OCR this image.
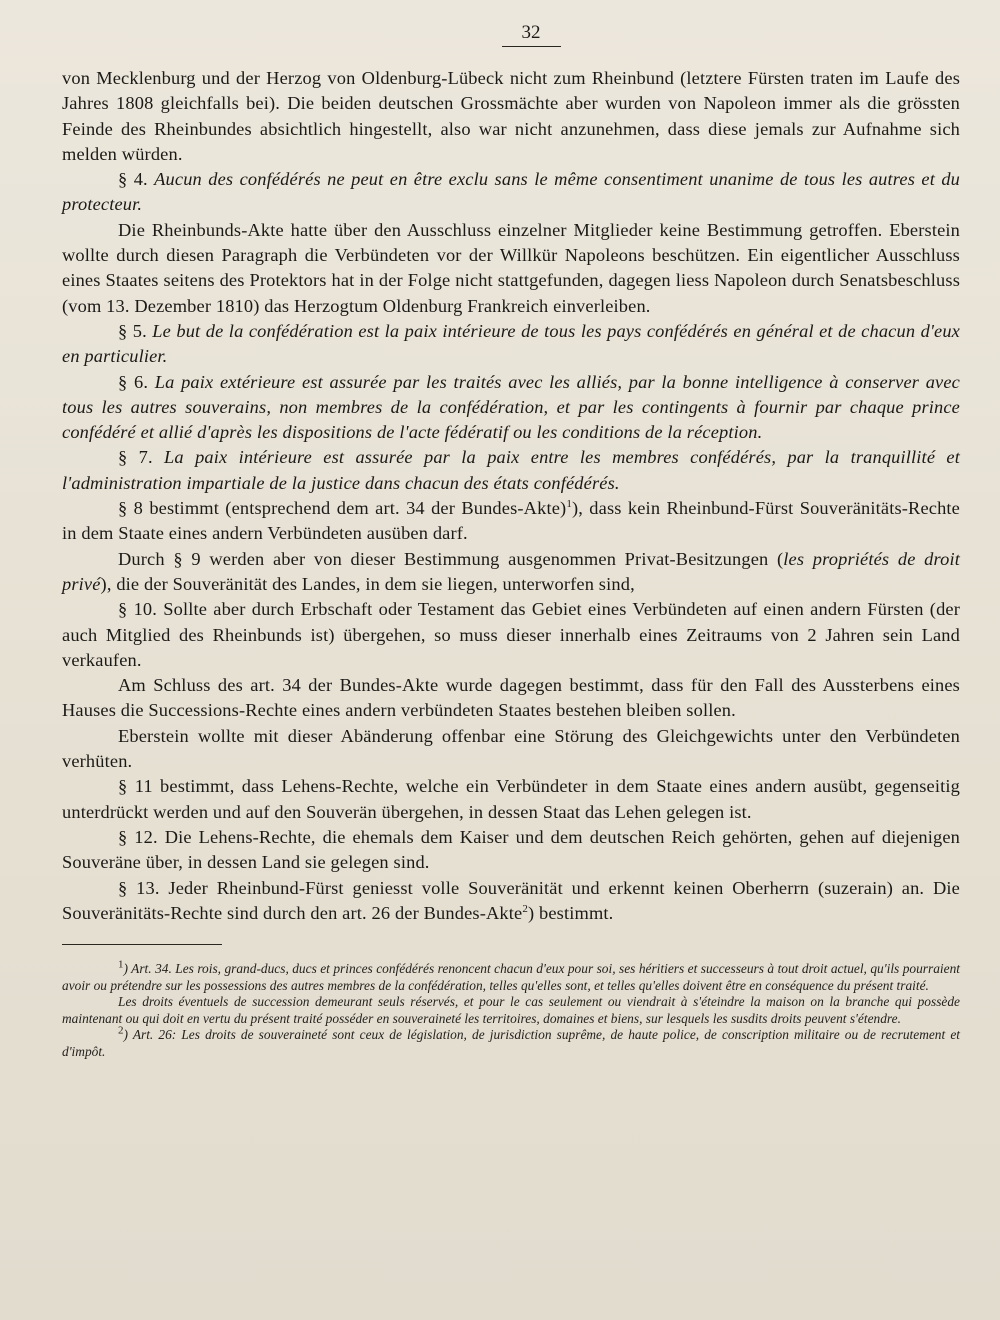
32

von Mecklenburg und der Herzog von Oldenburg-Lübeck nicht zum Rheinbund (letztere Fürsten traten im Laufe des Jahres 1808 gleichfalls bei). Die beiden deutschen Grossmächte aber wurden von Napoleon immer als die grössten Feinde des Rheinbundes absichtlich hingestellt, also war nicht anzunehmen, dass diese jemals zur Aufnahme sich melden würden.

§ 4. Aucun des confédérés ne peut en être exclu sans le même consentiment unanime de tous les autres et du protecteur.

Die Rheinbunds-Akte hatte über den Ausschluss einzelner Mitglieder keine Bestimmung getroffen. Eberstein wollte durch diesen Paragraph die Verbündeten vor der Willkür Napoleons beschützen. Ein eigentlicher Ausschluss eines Staates seitens des Protektors hat in der Folge nicht stattgefunden, dagegen liess Napoleon durch Senatsbeschluss (vom 13. Dezember 1810) das Herzogtum Oldenburg Frankreich einverleiben.

§ 5. Le but de la confédération est la paix intérieure de tous les pays confédérés en général et de chacun d'eux en particulier.

§ 6. La paix extérieure est assurée par les traités avec les alliés, par la bonne intelligence à conserver avec tous les autres souverains, non membres de la confédération, et par les contingents à fournir par chaque prince confédéré et allié d'après les dispositions de l'acte fédératif ou les conditions de la réception.

§ 7. La paix intérieure est assurée par la paix entre les membres confédérés, par la tranquillité et l'administration impartiale de la justice dans chacun des états confédérés.

§ 8 bestimmt (entsprechend dem art. 34 der Bundes-Akte)$^1$), dass kein Rheinbund-Fürst Souveränitäts-Rechte in dem Staate eines andern Verbündeten ausüben darf.

Durch § 9 werden aber von dieser Bestimmung ausgenommen Privat-Besitzungen (les propriétés de droit privé), die der Souveränität des Landes, in dem sie liegen, unterworfen sind,

§ 10. Sollte aber durch Erbschaft oder Testament das Gebiet eines Verbündeten auf einen andern Fürsten (der auch Mitglied des Rheinbunds ist) übergehen, so muss dieser innerhalb eines Zeitraums von 2 Jahren sein Land verkaufen.

Am Schluss des art. 34 der Bundes-Akte wurde dagegen bestimmt, dass für den Fall des Aussterbens eines Hauses die Successions-Rechte eines andern verbündeten Staates bestehen bleiben sollen.

Eberstein wollte mit dieser Abänderung offenbar eine Störung des Gleichgewichts unter den Verbündeten verhüten.

§ 11 bestimmt, dass Lehens-Rechte, welche ein Verbündeter in dem Staate eines andern ausübt, gegenseitig unterdrückt werden und auf den Souverän übergehen, in dessen Staat das Lehen gelegen ist.

§ 12. Die Lehens-Rechte, die ehemals dem Kaiser und dem deutschen Reich gehörten, gehen auf diejenigen Souveräne über, in dessen Land sie gelegen sind.

§ 13. Jeder Rheinbund-Fürst geniesst volle Souveränität und erkennt keinen Oberherrn (suzerain) an. Die Souveränitäts-Rechte sind durch den art. 26 der Bundes-Akte$^2$) bestimmt.

$^1$) Art. 34. Les rois, grand-ducs, ducs et princes confédérés renoncent chacun d'eux pour soi, ses héritiers et successeurs à tout droit actuel, qu'ils pourraient avoir ou prétendre sur les possessions des autres membres de la confédération, telles qu'elles sont, et telles qu'elles doivent être en conséquence du présent traité.

Les droits éventuels de succession demeurant seuls réservés, et pour le cas seulement ou viendrait à s'éteindre la maison on la branche qui possède maintenant ou qui doit en vertu du présent traité posséder en souveraineté les territoires, domaines et biens, sur lesquels les susdits droits peuvent s'étendre.

$^2$) Art. 26: Les droits de souveraineté sont ceux de législation, de jurisdiction suprême, de haute police, de conscription militaire ou de recrutement et d'impôt.
